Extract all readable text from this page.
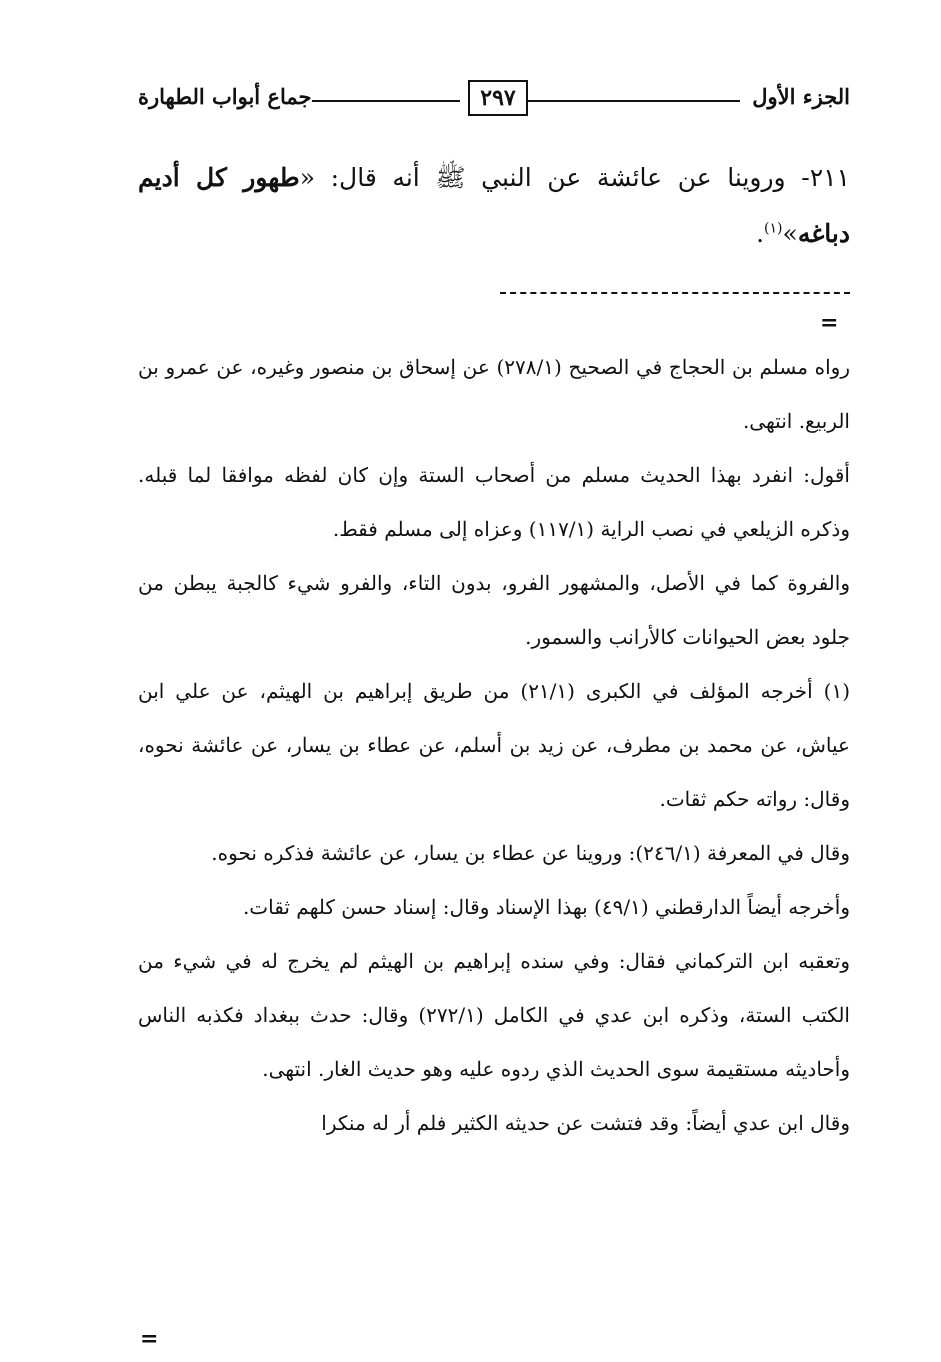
الجزء الأول
٢٩٧
جماع أبواب الطهارة
٢١١- وروينا عن عائشة عن النبي ﷺ أنه قال: «طهور كل أديم دباغه»$^{(١)}$.
=

رواه مسلم بن الحجاج في الصحيح (٢٧٨/١) عن إسحاق بن منصور وغيره، عن عمرو بن الربيع. انتهى.

أقول: انفرد بهذا الحديث مسلم من أصحاب الستة وإن كان لفظه موافقا لما قبله. وذكره الزيلعي في نصب الراية (١١٧/١) وعزاه إلى مسلم فقط.

والفروة كما في الأصل، والمشهور الفرو، بدون التاء، والفرو شيء كالجبة يبطن من جلود بعض الحيوانات كالأرانب والسمور.

(١) أخرجه المؤلف في الكبرى (٢١/١) من طريق إبراهيم بن الهيثم، عن علي ابن عياش، عن محمد بن مطرف، عن زيد بن أسلم، عن عطاء بن يسار، عن عائشة نحوه، وقال: رواته حكم ثقات.

وقال في المعرفة (٢٤٦/١): وروينا عن عطاء بن يسار، عن عائشة فذكره نحوه.

وأخرجه أيضاً الدارقطني (٤٩/١) بهذا الإسناد وقال: إسناد حسن كلهم ثقات.

وتعقبه ابن التركماني فقال: وفي سنده إبراهيم بن الهيثم لم يخرج له في شيء من الكتب الستة، وذكره ابن عدي في الكامل (٢٧٢/١) وقال: حدث ببغداد فكذبه الناس وأحاديثه مستقيمة سوى الحديث الذي ردوه عليه وهو حديث الغار. انتهى.

وقال ابن عدي أيضاً: وقد فتشت عن حديثه الكثير فلم أر له منكرا

=
